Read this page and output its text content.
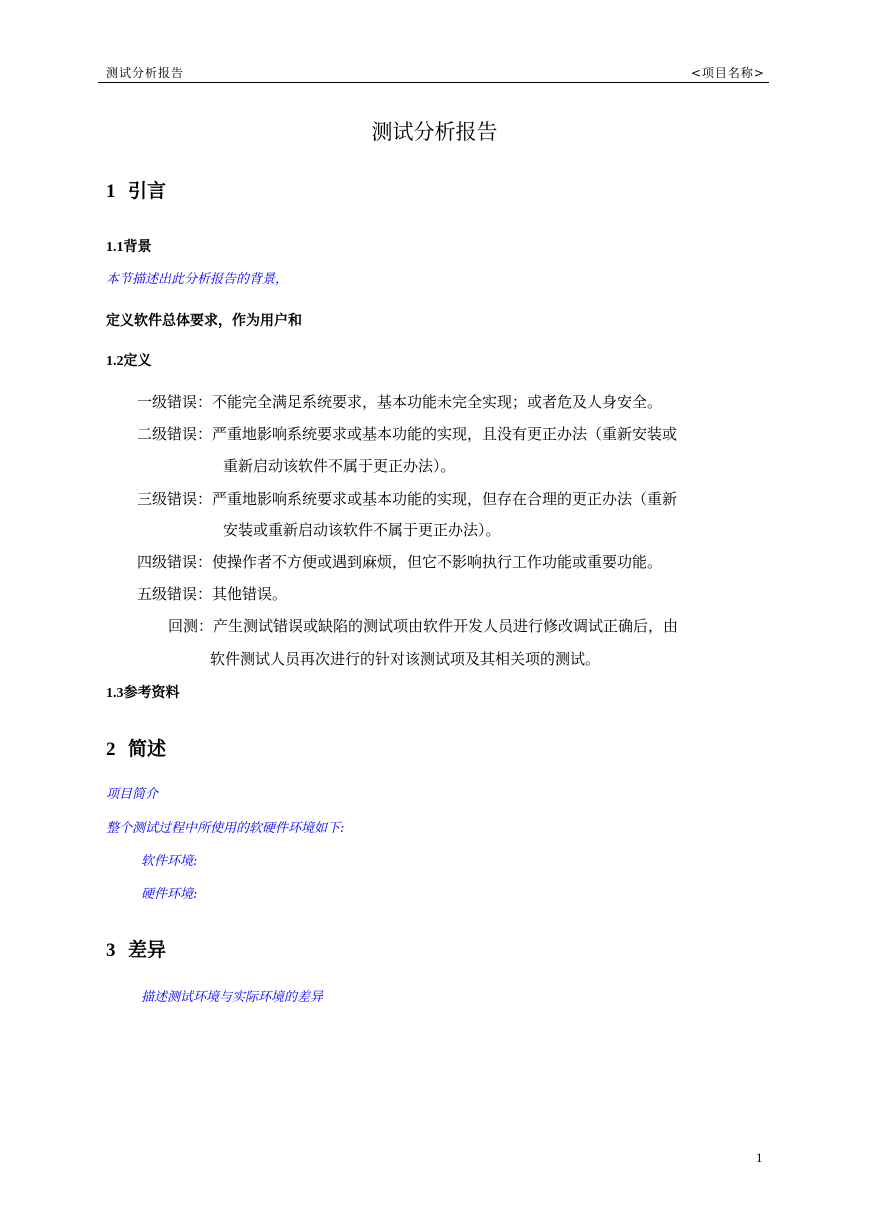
测试分析报告	<项目名称>
测试分析报告
1 引言
1.1背景
本节描述出此分析报告的背景，
定义软件总体要求，作为用户和
1.2定义
一级错误：不能完全满足系统要求，基本功能未完全实现；或者危及人身安全。
二级错误：严重地影响系统要求或基本功能的实现，且没有更正办法（重新安装或
重新启动该软件不属于更正办法）。
三级错误：严重地影响系统要求或基本功能的实现，但存在合理的更正办法（重新
安装或重新启动该软件不属于更正办法）。
四级错误：使操作者不方便或遇到麻烦，但它不影响执行工作功能或重要功能。
五级错误：其他错误。
回测：产生测试错误或缺陷的测试项由软件开发人员进行修改调试正确后，由
软件测试人员再次进行的针对该测试项及其相关项的测试。
1.3参考资料
2 简述
项目简介
整个测试过程中所使用的软硬件环境如下:
软件环境:
硬件环境:
3 差异
描述测试环境与实际环境的差异
1
